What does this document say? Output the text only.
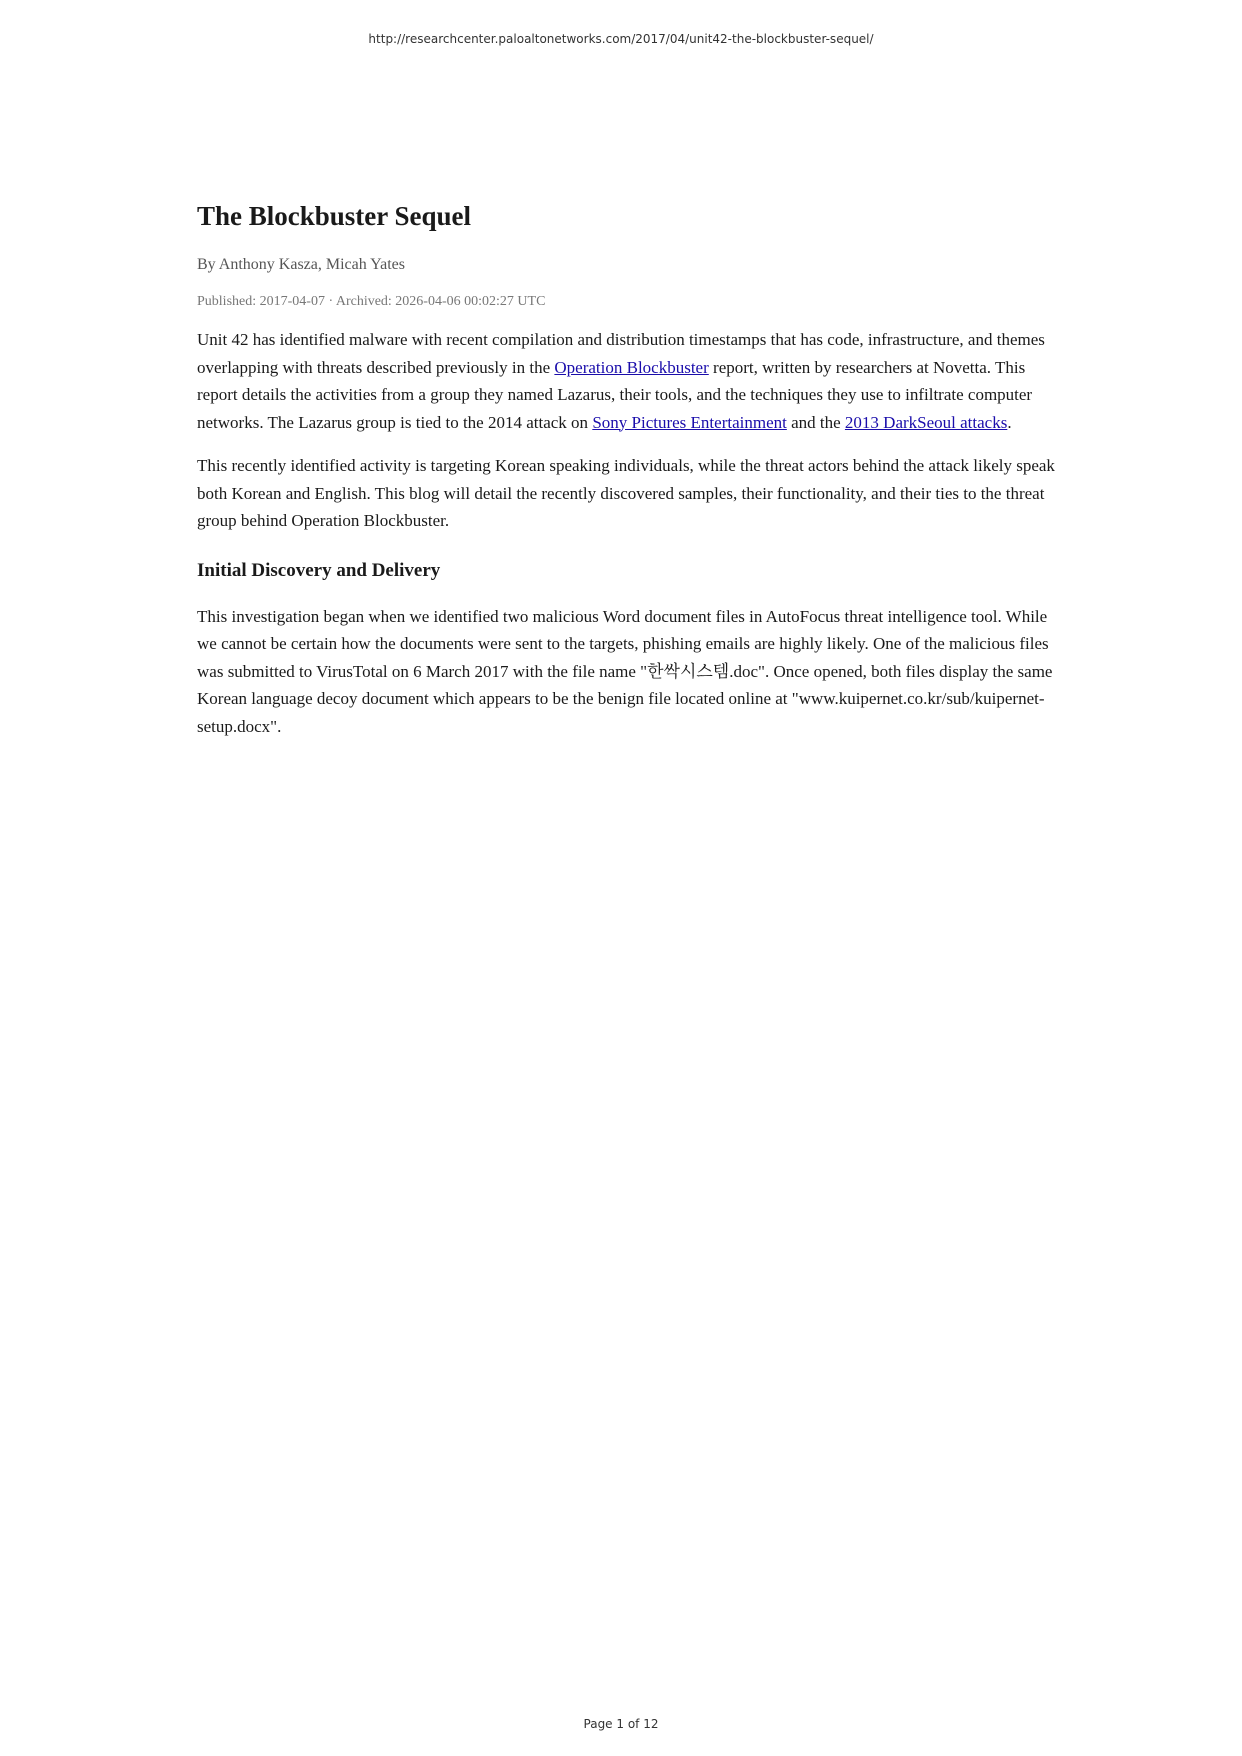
http://researchcenter.paloaltonetworks.com/2017/04/unit42-the-blockbuster-sequel/
The Blockbuster Sequel
By Anthony Kasza, Micah Yates
Published: 2017-04-07 · Archived: 2026-04-06 00:02:27 UTC

Unit 42 has identified malware with recent compilation and distribution timestamps that has code, infrastructure, and themes overlapping with threats described previously in the Operation Blockbuster report, written by researchers at Novetta. This report details the activities from a group they named Lazarus, their tools, and the techniques they use to infiltrate computer networks. The Lazarus group is tied to the 2014 attack on Sony Pictures Entertainment and the 2013 DarkSeoul attacks.

This recently identified activity is targeting Korean speaking individuals, while the threat actors behind the attack likely speak both Korean and English. This blog will detail the recently discovered samples, their functionality, and their ties to the threat group behind Operation Blockbuster.

Initial Discovery and Delivery

This investigation began when we identified two malicious Word document files in AutoFocus threat intelligence tool. While we cannot be certain how the documents were sent to the targets, phishing emails are highly likely. One of the malicious files was submitted to VirusTotal on 6 March 2017 with the file name "한싹시스템.doc". Once opened, both files display the same Korean language decoy document which appears to be the benign file located online at "www.kuipernet.co.kr/sub/kuipernet-setup.docx".

Page 1 of 12
